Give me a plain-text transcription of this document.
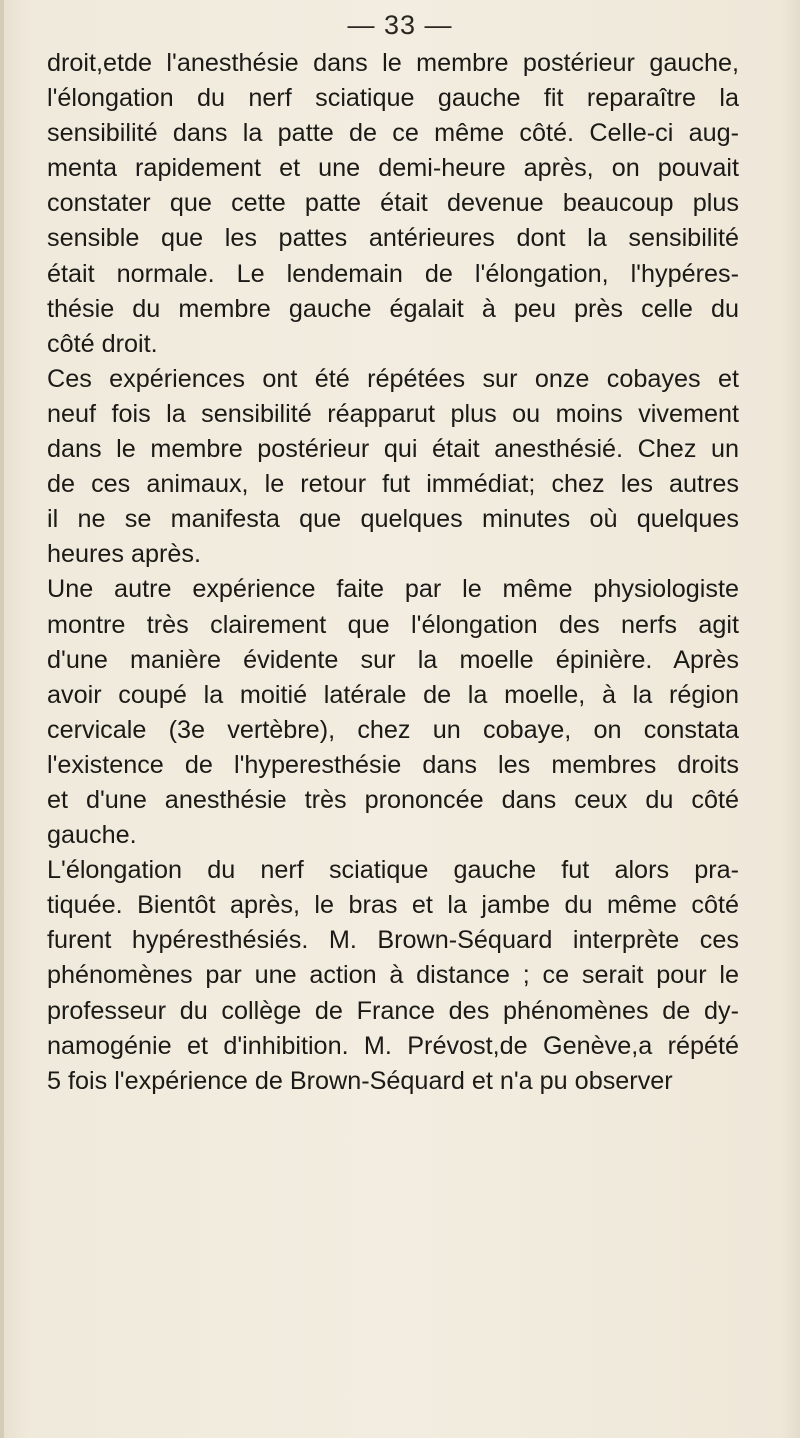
— 33 —
droit,etde l'anesthésie dans le membre postérieur gauche,
l'élongation du nerf sciatique gauche fit reparaître la
sensibilité dans la patte de ce même côté. Celle-ci aug-
menta rapidement et une demi-heure après, on pouvait
constater que cette patte était devenue beaucoup plus
sensible que les pattes antérieures dont la sensibilité
était normale. Le lendemain de l'élongation, l'hypéres-
thésie du membre gauche égalait à peu près celle du
côté droit.
Ces expériences ont été répétées sur onze cobayes et
neuf fois la sensibilité réapparut plus ou moins vivement
dans le membre postérieur qui était anesthésié. Chez un
de ces animaux, le retour fut immédiat; chez les autres
il ne se manifesta que quelques minutes où quelques
heures après.
Une autre expérience faite par le même physiologiste
montre très clairement que l'élongation des nerfs agit
d'une manière évidente sur la moelle épinière. Après
avoir coupé la moitié latérale de la moelle, à la région
cervicale (3e vertèbre), chez un cobaye, on constata
l'existence de l'hyperesthésie dans les membres droits
et d'une anesthésie très prononcée dans ceux du côté
gauche.
L'élongation du nerf sciatique gauche fut alors pra-
tiquée. Bientôt après, le bras et la jambe du même côté
furent hypéresthésiés. M. Brown-Séquard interprète ces
phénomènes par une action à distance ; ce serait pour le
professeur du collège de France des phénomènes de dy-
namogénie et d'inhibition. M. Prévost,de Genève,a répété
5 fois l'expérience de Brown-Séquard et n'a pu observer
